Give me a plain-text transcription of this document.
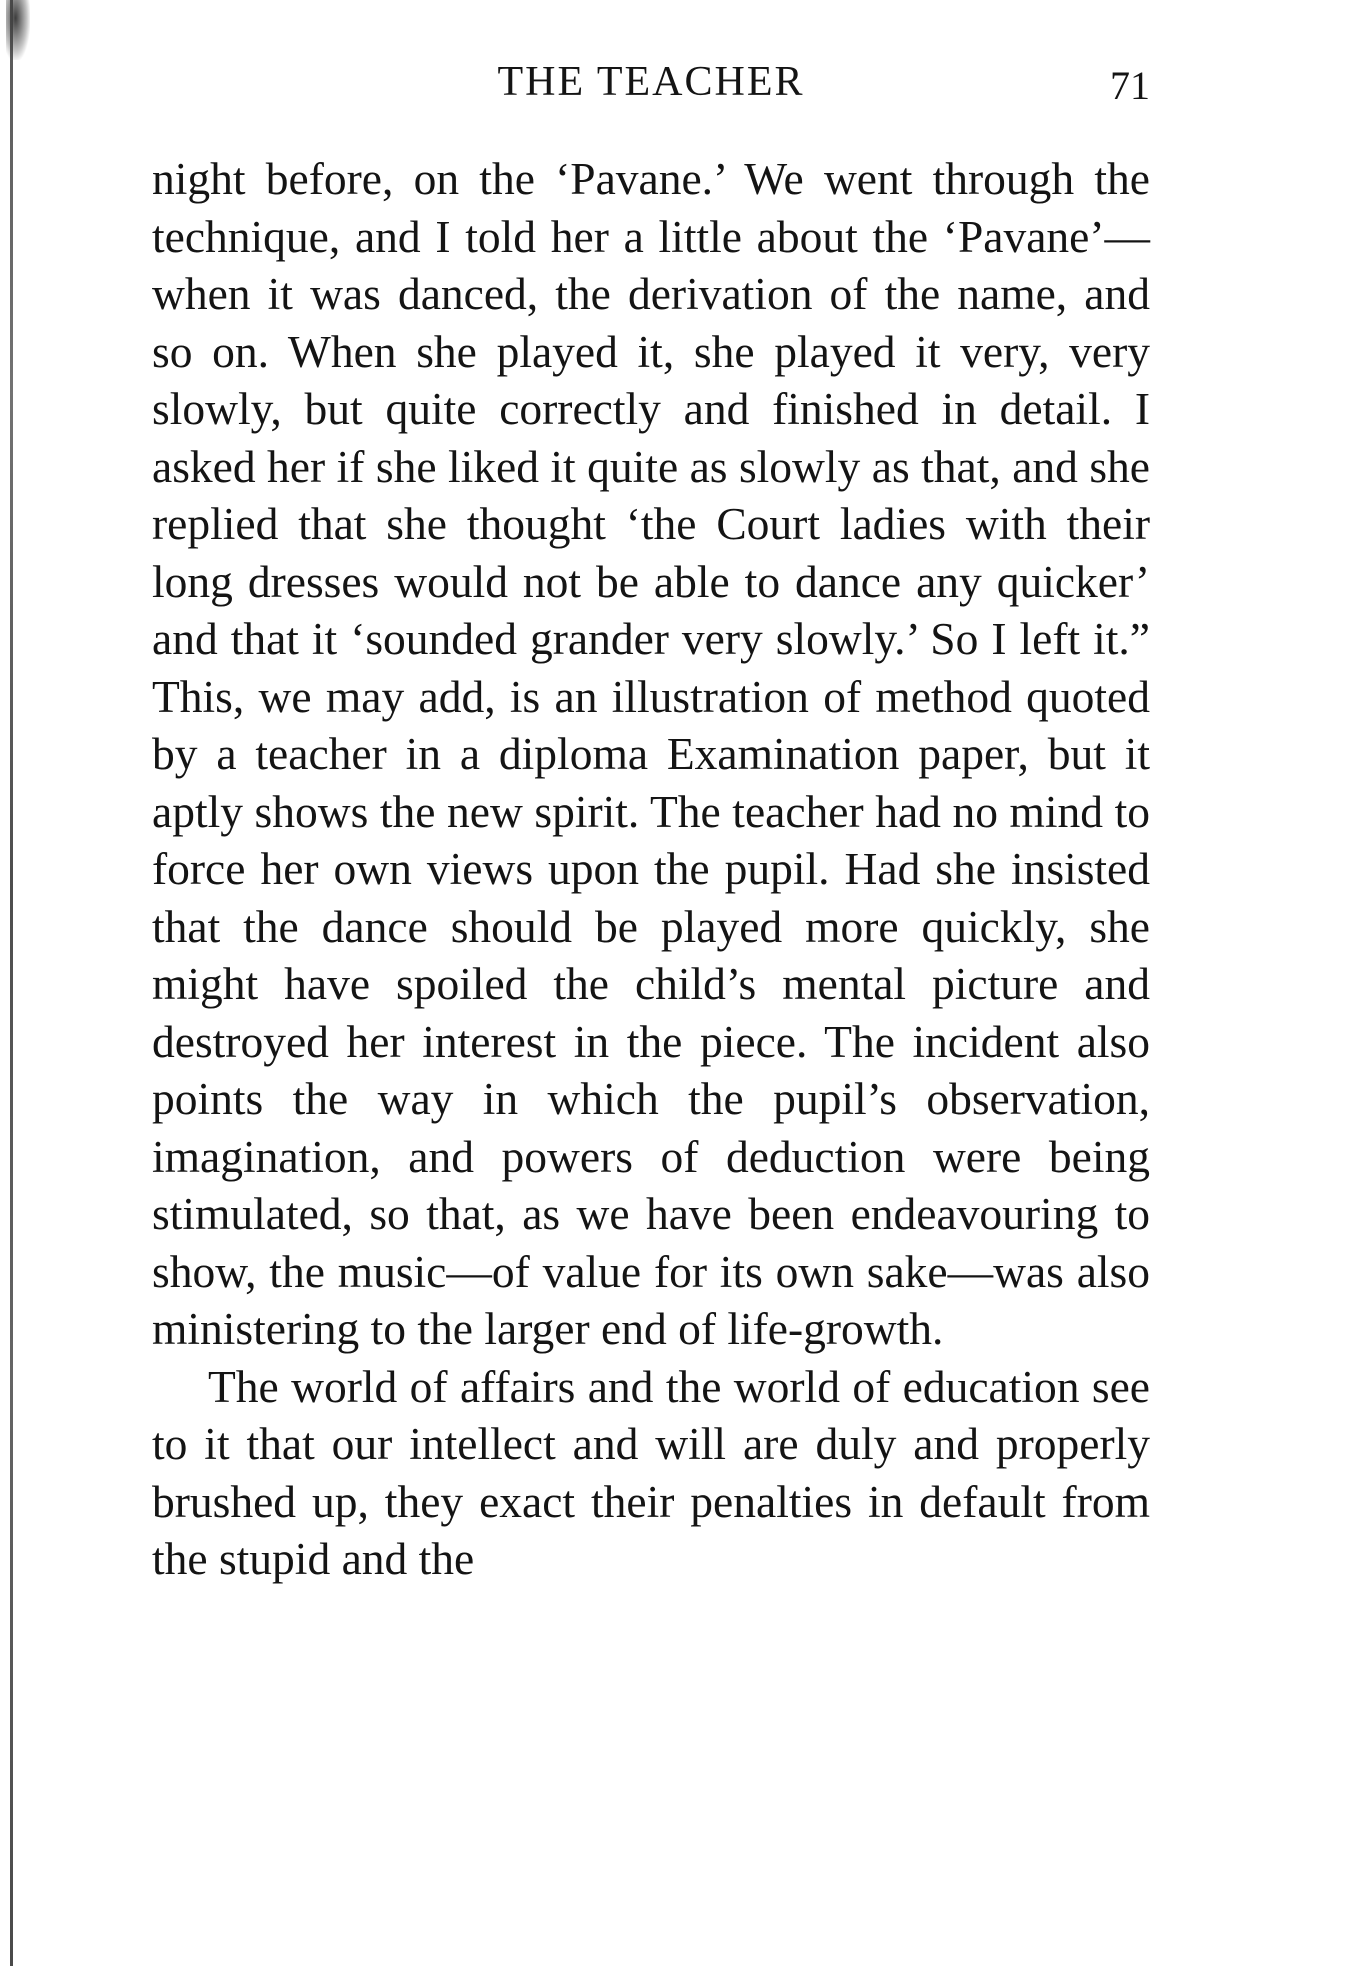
THE TEACHER	71

night before, on the ‘Pavane.’ We went through the technique, and I told her a little about the ‘Pavane’—when it was danced, the derivation of the name, and so on. When she played it, she played it very, very slowly, but quite correctly and finished in detail. I asked her if she liked it quite as slowly as that, and she replied that she thought ‘the Court ladies with their long dresses would not be able to dance any quicker’ and that it ‘sounded grander very slowly.’ So I left it.” This, we may add, is an illustration of method quoted by a teacher in a diploma Examination paper, but it aptly shows the new spirit. The teacher had no mind to force her own views upon the pupil. Had she insisted that the dance should be played more quickly, she might have spoiled the child’s mental picture and destroyed her interest in the piece. The incident also points the way in which the pupil’s observation, imagination, and powers of deduction were being stimulated, so that, as we have been endeavouring to show, the music—of value for its own sake—was also ministering to the larger end of life-growth.

The world of affairs and the world of education see to it that our intellect and will are duly and properly brushed up, they exact their penalties in default from the stupid and the
